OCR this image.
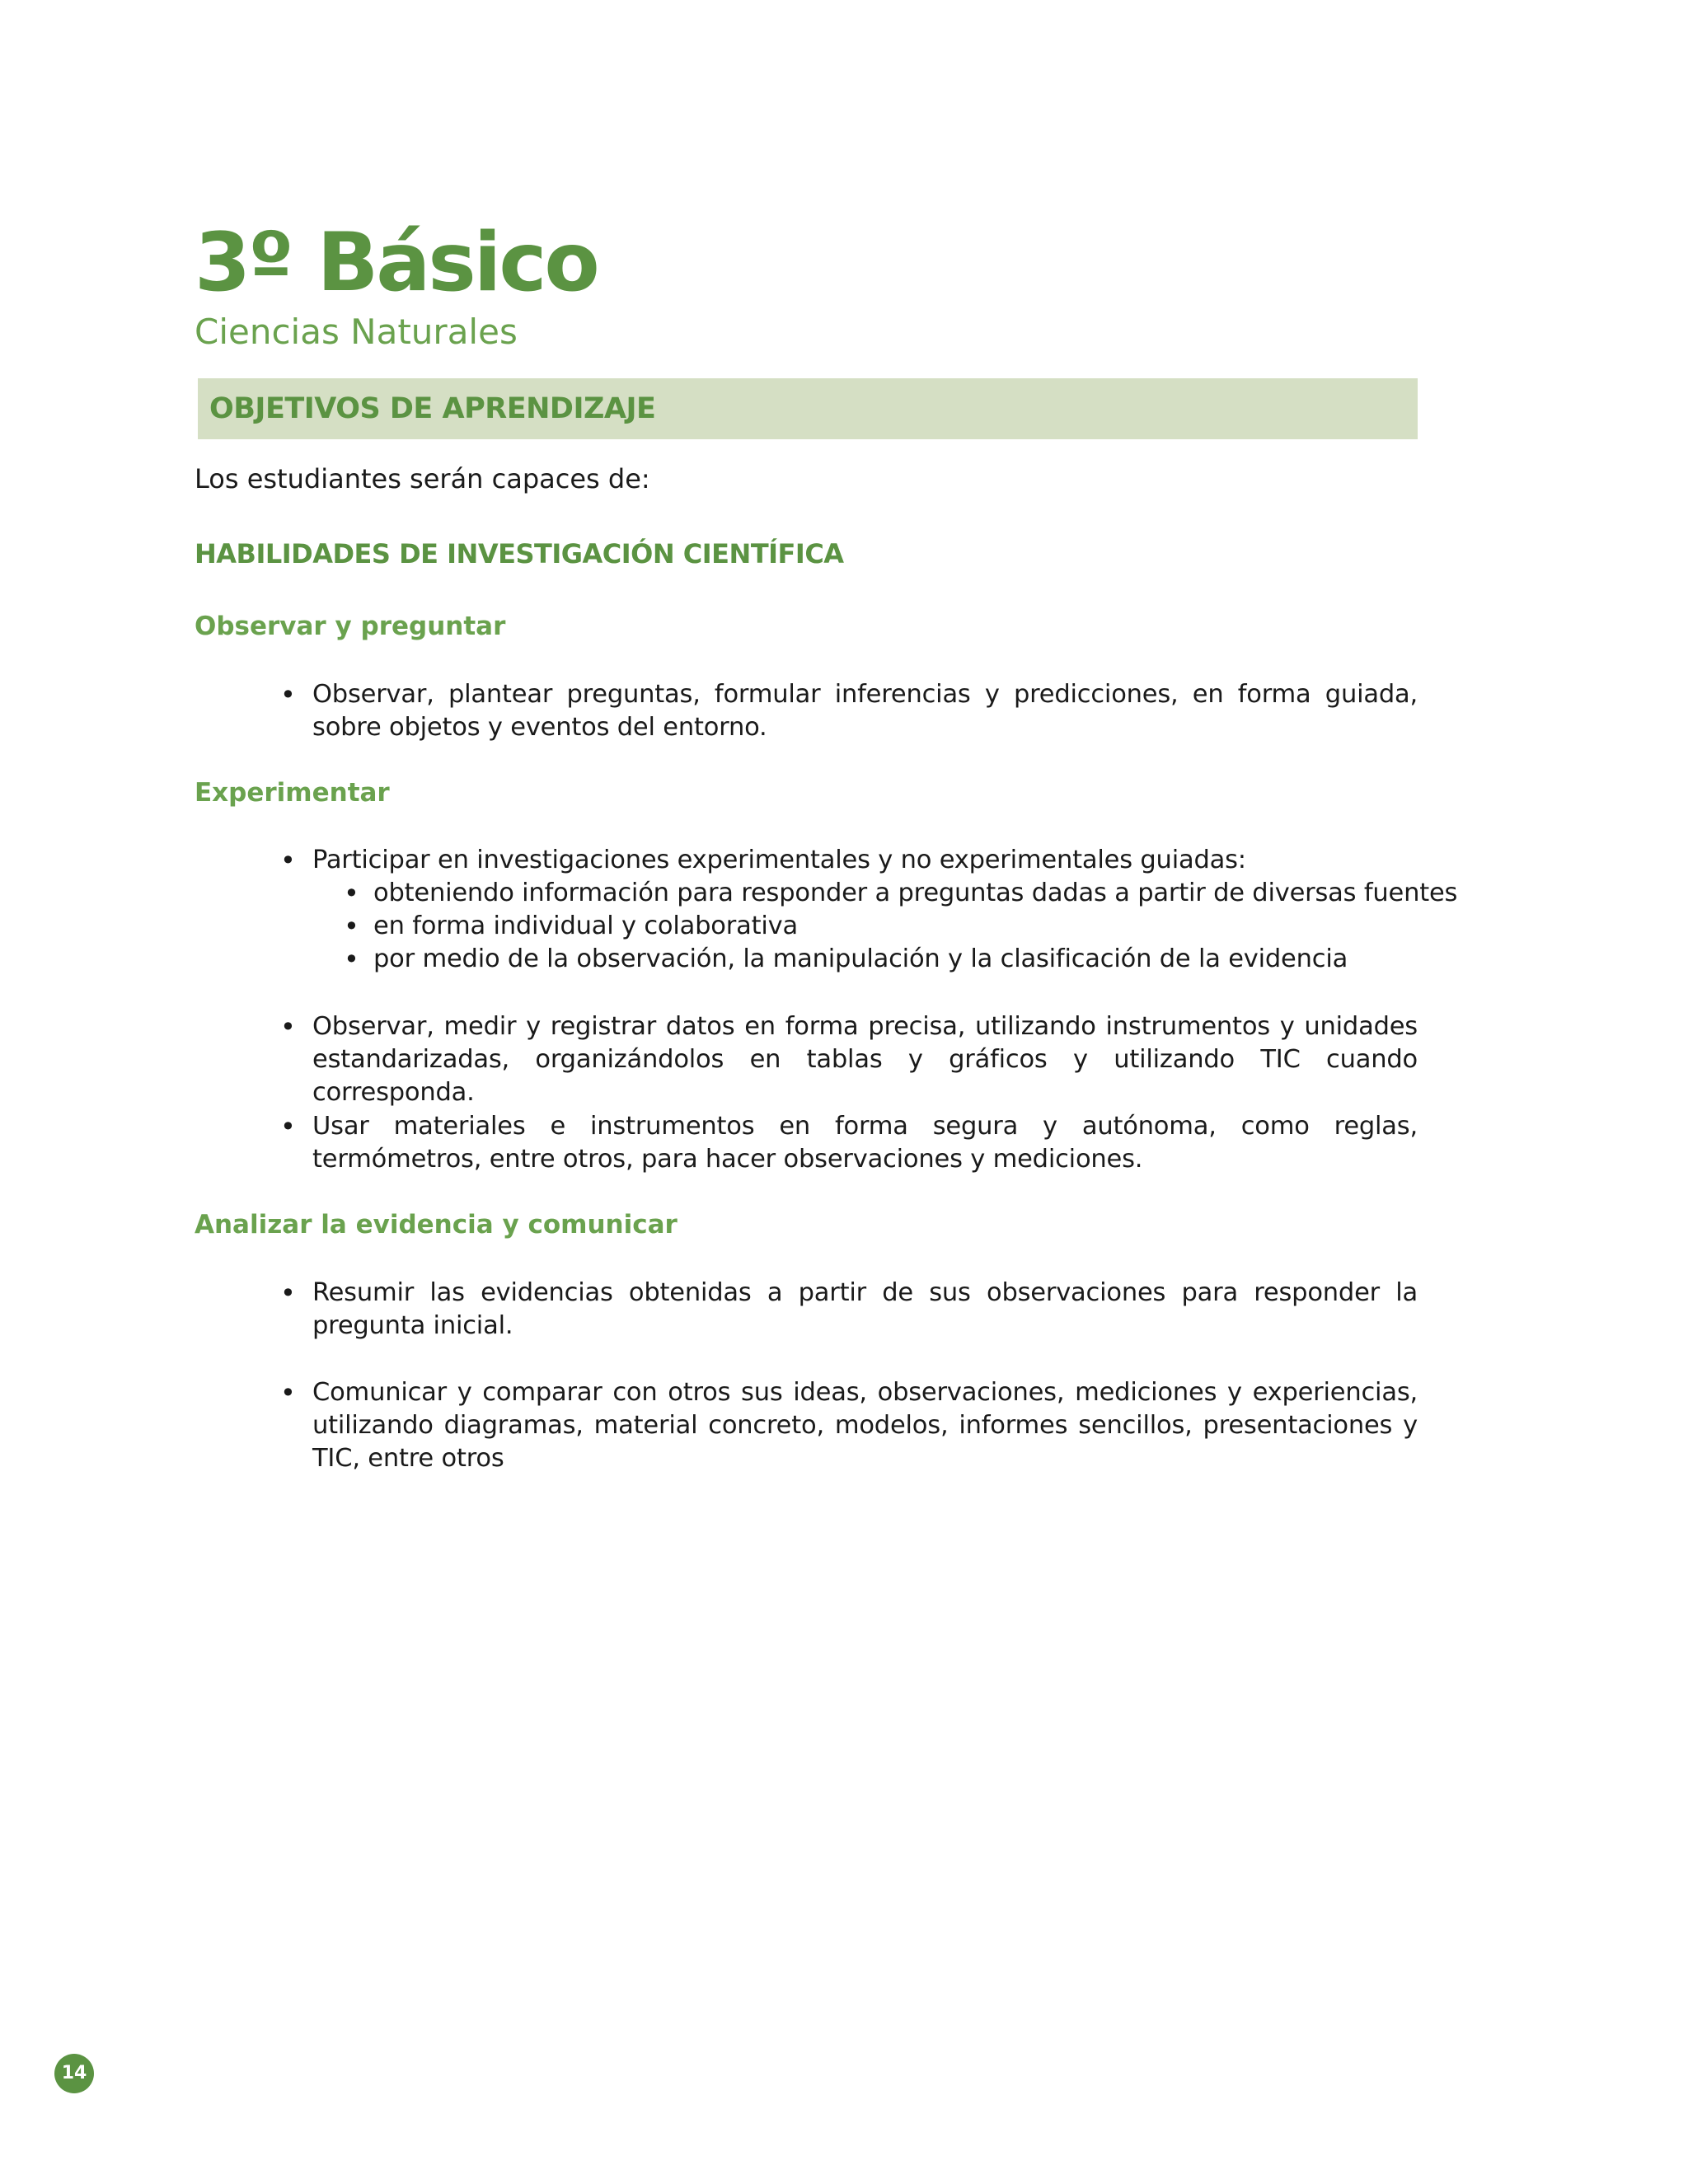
3º Básico
Ciencias Naturales
OBJETIVOS DE APRENDIZAJE
Los estudiantes serán capaces de:
HABILIDADES DE INVESTIGACIÓN CIENTÍFICA
Observar y preguntar
• Observar, plantear preguntas, formular inferencias y predicciones, en forma guiada, sobre objetos y eventos del entorno.
Experimentar
• Participar en investigaciones experimentales y no experimentales guiadas:
• obteniendo información para responder a preguntas dadas a partir de diversas fuentes
• en forma individual y colaborativa
• por medio de la observación, la manipulación y la clasificación de la evidencia
• Observar, medir y registrar datos en forma precisa, utilizando instrumentos y unidades estandarizadas, organizándolos en tablas y gráficos y utilizando TIC cuando corresponda.
• Usar materiales e instrumentos en forma segura y autónoma, como reglas, termómetros, entre otros, para hacer observaciones y mediciones.
Analizar la evidencia y comunicar
• Resumir las evidencias obtenidas a partir de sus observaciones para responder la pregunta inicial.
• Comunicar y comparar con otros sus ideas, observaciones, mediciones y experiencias, utilizando diagramas, material concreto, modelos, informes sencillos, presentaciones y TIC, entre otros
14
